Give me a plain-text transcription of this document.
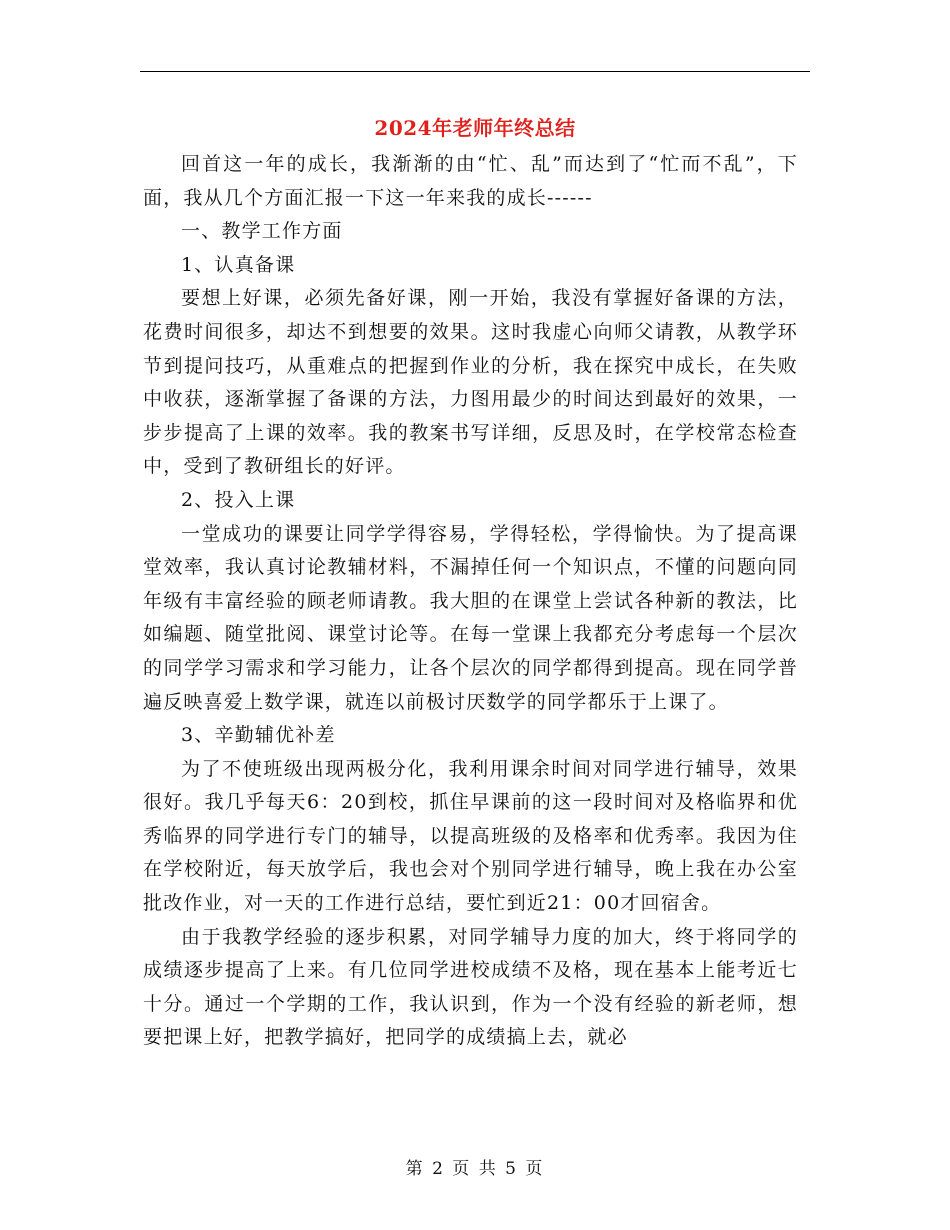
2024年老师年终总结

回首这一年的成长，我渐渐的由“忙、乱”而达到了“忙而不乱”，下面，我从几个方面汇报一下这一年来我的成长------

一、教学工作方面

1、认真备课

要想上好课，必须先备好课，刚一开始，我没有掌握好备课的方法，花费时间很多，却达不到想要的效果。这时我虚心向师父请教，从教学环节到提问技巧，从重难点的把握到作业的分析，我在探究中成长，在失败中收获，逐渐掌握了备课的方法，力图用最少的时间达到最好的效果，一步步提高了上课的效率。我的教案书写详细，反思及时，在学校常态检查中，受到了教研组长的好评。

2、投入上课

一堂成功的课要让同学学得容易，学得轻松，学得愉快。为了提高课堂效率，我认真讨论教辅材料，不漏掉任何一个知识点，不懂的问题向同年级有丰富经验的顾老师请教。我大胆的在课堂上尝试各种新的教法，比如编题、随堂批阅、课堂讨论等。在每一堂课上我都充分考虑每一个层次的同学学习需求和学习能力，让各个层次的同学都得到提高。现在同学普遍反映喜爱上数学课，就连以前极讨厌数学的同学都乐于上课了。

3、辛勤辅优补差

为了不使班级出现两极分化，我利用课余时间对同学进行辅导，效果很好。我几乎每天6：20到校，抓住早课前的这一段时间对及格临界和优秀临界的同学进行专门的辅导，以提高班级的及格率和优秀率。我因为住在学校附近，每天放学后，我也会对个别同学进行辅导，晚上我在办公室批改作业，对一天的工作进行总结，要忙到近21：00才回宿舍。

由于我教学经验的逐步积累，对同学辅导力度的加大，终于将同学的成绩逐步提高了上来。有几位同学进校成绩不及格，现在基本上能考近七十分。通过一个学期的工作，我认识到，作为一个没有经验的新老师，想要把课上好，把教学搞好，把同学的成绩搞上去，就必

第 2 页 共 5 页
